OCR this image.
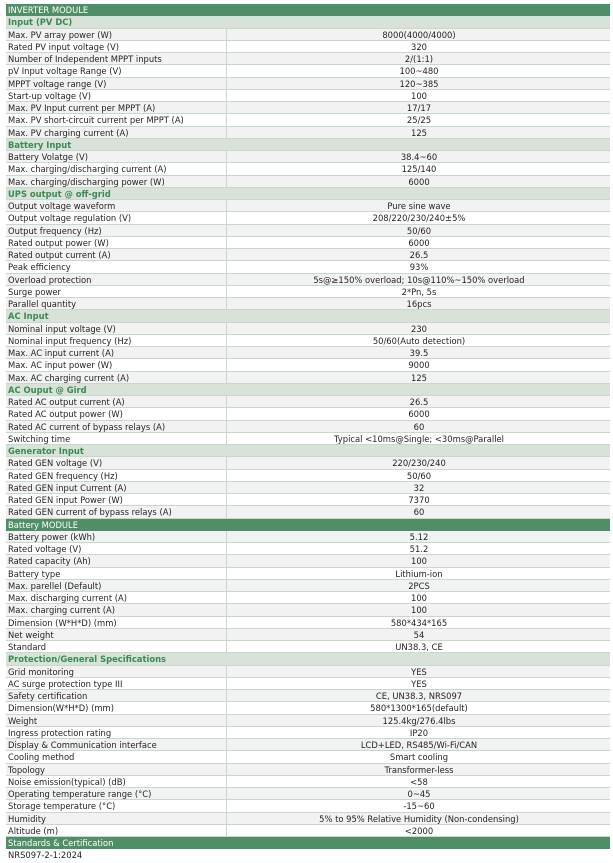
INVERTER MODULE
Input (PV DC)
Max. PV array power (W)	8000(4000/4000)
Rated PV input voltage (V)	320
Number of Independent MPPT inputs	2/(1:1)
pV Input voltage Range (V)	100~480
MPPT voltage range (V)	120~385
Start-up voltage (V)	100
Max. PV Input current per MPPT (A)	17/17
Max. PV short-circuit current per MPPT (A)	25/25
Max. PV charging current (A)	125
Battery Input
Battery Volatge (V)	38.4~60
Max. charging/discharging current (A)	125/140
Max. charging/discharging power (W)	6000
UPS output @ off-grid
Output voltage waveform	Pure sine wave
Output voltage regulation (V)	208/220/230/240±5%
Output frequency (Hz)	50/60
Rated output power (W)	6000
Rated output current (A)	26.5
Peak efficiency	93%
Overload protection	5s@≥150% overload; 10s@110%~150% overload
Surge power	2*Pn, 5s
Parallel quantity	16pcs
AC Input
Nominal input voltage (V)	230
Nominal input frequency (Hz)	50/60(Auto detection)
Max. AC input current (A)	39.5
Max. AC input power (W)	9000
Max. AC charging current (A)	125
AC Ouput @ Gird
Rated AC output current (A)	26.5
Rated AC output power (W)	6000
Rated AC current of bypass relays (A)	60
Switching time	Typical <10ms@Single; <30ms@Parallel
Generator Input
Rated GEN voltage (V)	220/230/240
Rated GEN frequency (Hz)	50/60
Rated GEN input Current (A)	32
Rated GEN input Power (W)	7370
Rated GEN current of bypass relays (A)	60
Battery MODULE
Battery power (kWh)	5.12
Rated voltage (V)	51.2
Rated capacity (Ah)	100
Battery type	Lithium-ion
Max. parellel (Default)	2PCS
Max. discharging current (A)	100
Max. charging current (A)	100
Dimension (W*H*D) (mm)	580*434*165
Net weight	54
Standard	UN38.3, CE
Protection/General Specifications
Grid monitoring	YES
AC surge protection type III	YES
Safety certification	CE, UN38.3, NRS097
Dimension(W*H*D) (mm)	580*1300*165(default)
Weight	125.4kg/276.4lbs
Ingress protection rating	IP20
Display & Communication interface	LCD+LED, RS485/Wi-Fi/CAN
Cooling method	Smart cooling
Topology	Transformer-less
Noise emission(typical) (dB)	<58
Operating temperature range (°C)	0~45
Storage temperature (°C)	-15~60
Humidity	5% to 95% Relative Humidity (Non-condensing)
Altitude (m)	<2000
Standards & Certification
NRS097-2-1:2024
